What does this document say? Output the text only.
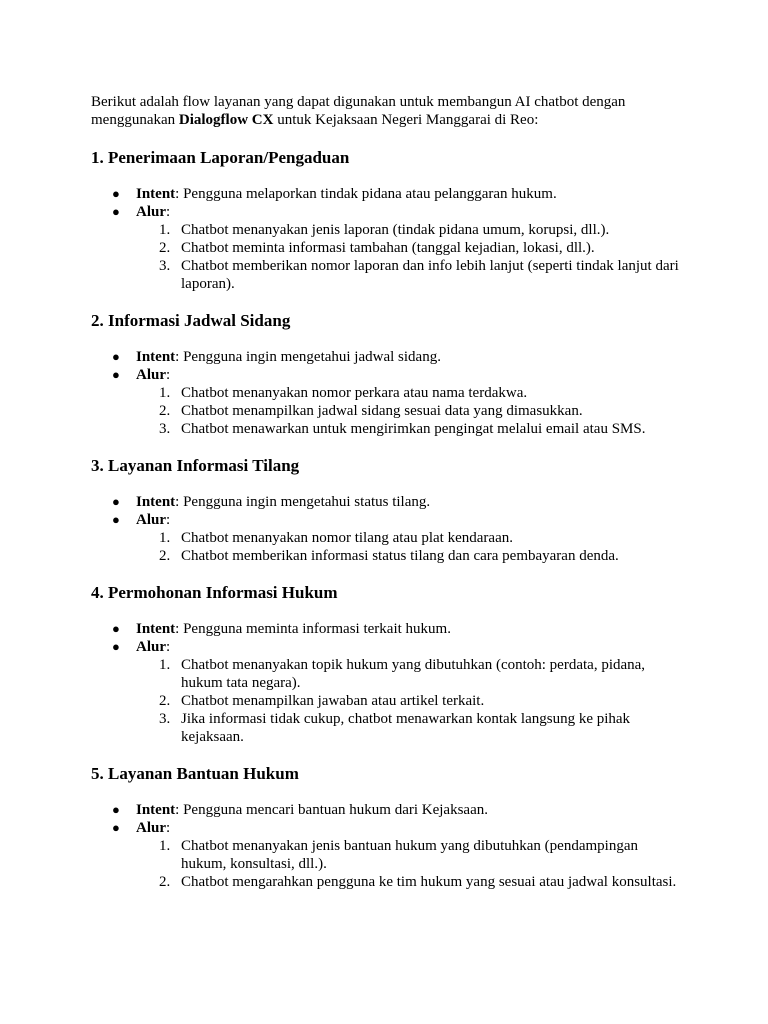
Berikut adalah flow layanan yang dapat digunakan untuk membangun AI chatbot dengan menggunakan Dialogflow CX untuk Kejaksaan Negeri Manggarai di Reo:

1. Penerimaan Laporan/Pengaduan
● Intent: Pengguna melaporkan tindak pidana atau pelanggaran hukum.
● Alur:
1. Chatbot menanyakan jenis laporan (tindak pidana umum, korupsi, dll.).
2. Chatbot meminta informasi tambahan (tanggal kejadian, lokasi, dll.).
3. Chatbot memberikan nomor laporan dan info lebih lanjut (seperti tindak lanjut dari laporan).
2. Informasi Jadwal Sidang
● Intent: Pengguna ingin mengetahui jadwal sidang.
● Alur:
1. Chatbot menanyakan nomor perkara atau nama terdakwa.
2. Chatbot menampilkan jadwal sidang sesuai data yang dimasukkan.
3. Chatbot menawarkan untuk mengirimkan pengingat melalui email atau SMS.
3. Layanan Informasi Tilang
● Intent: Pengguna ingin mengetahui status tilang.
● Alur:
1. Chatbot menanyakan nomor tilang atau plat kendaraan.
2. Chatbot memberikan informasi status tilang dan cara pembayaran denda.
4. Permohonan Informasi Hukum
● Intent: Pengguna meminta informasi terkait hukum.
● Alur:
1. Chatbot menanyakan topik hukum yang dibutuhkan (contoh: perdata, pidana, hukum tata negara).
2. Chatbot menampilkan jawaban atau artikel terkait.
3. Jika informasi tidak cukup, chatbot menawarkan kontak langsung ke pihak kejaksaan.
5. Layanan Bantuan Hukum
● Intent: Pengguna mencari bantuan hukum dari Kejaksaan.
● Alur:
1. Chatbot menanyakan jenis bantuan hukum yang dibutuhkan (pendampingan hukum, konsultasi, dll.).
2. Chatbot mengarahkan pengguna ke tim hukum yang sesuai atau jadwal konsultasi.
